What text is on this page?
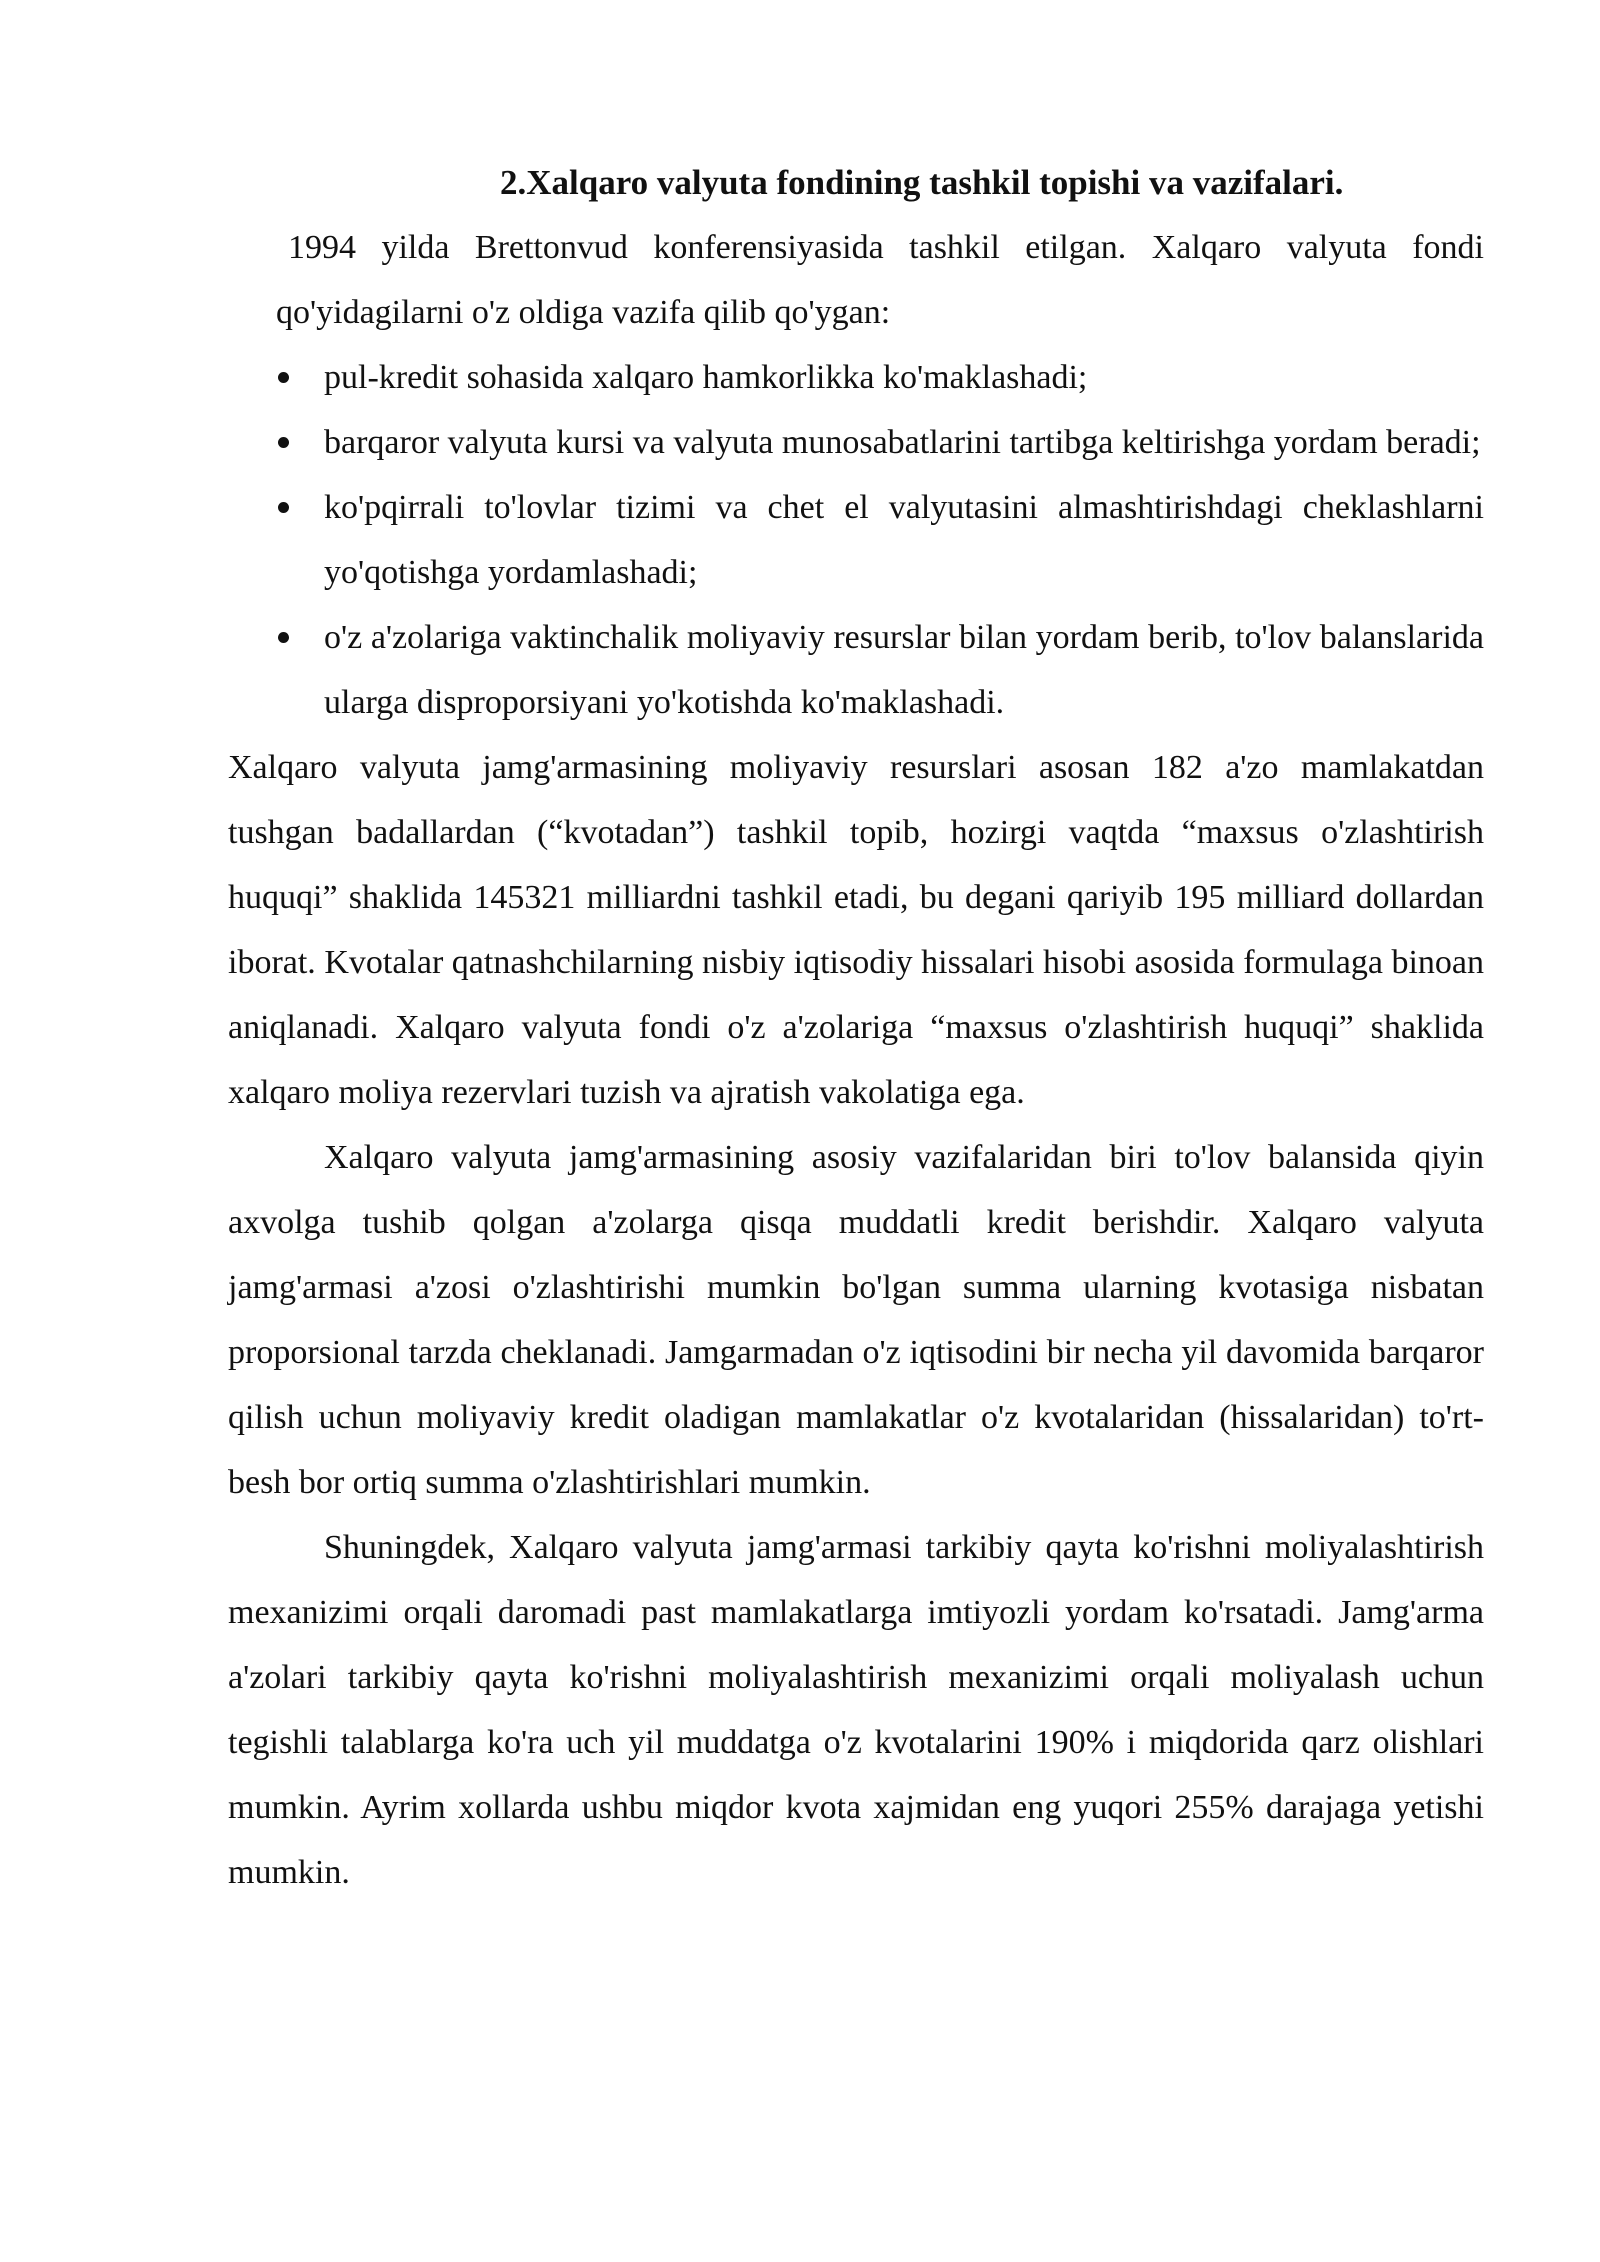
2.Xalqaro valyuta fondining tashkil topishi va vazifalari.

1994 yilda Brettonvud konferensiyasida tashkil etilgan. Xalqaro valyuta fondi qo'yidagilarni o'z oldiga vazifa qilib qo'ygan:

pul-kredit sohasida xalqaro hamkorlikka ko'maklashadi;
barqaror valyuta kursi va valyuta munosabatlarini tartibga keltirishga yordam beradi;
ko'pqirrali to'lovlar tizimi va chet el valyutasini almashtirishdagi cheklashlarni yo'qotishga yordamlashadi;
o'z a'zolariga vaktinchalik moliyaviy resurslar bilan yordam berib, to'lov balanslarida ularga disproporsiyani yo'kotishda ko'maklashadi.

Xalqaro valyuta jamg'armasining moliyaviy resurslari asosan 182 a'zo mamlakatdan tushgan badallardan (“kvotadan”) tashkil topib, hozirgi vaqtda “maxsus o'zlashtirish huquqi” shaklida 145321 milliardni tashkil etadi, bu degani qariyib 195 milliard dollardan iborat. Kvotalar qatnashchilarning nisbiy iqtisodiy hissalari hisobi asosida formulaga binoan aniqlanadi. Xalqaro valyuta fondi o'z a'zolariga “maxsus o'zlashtirish huquqi” shaklida xalqaro moliya rezervlari tuzish va ajratish vakolatiga ega.

Xalqaro valyuta jamg'armasining asosiy vazifalaridan biri to'lov balansida qiyin axvolga tushib qolgan a'zolarga qisqa muddatli kredit berishdir. Xalqaro valyuta jamg'armasi a'zosi o'zlashtirishi mumkin bo'lgan summa ularning kvotasiga nisbatan proporsional tarzda cheklanadi. Jamgarmadan o'z iqtisodini bir necha yil davomida barqaror qilish uchun moliyaviy kredit oladigan mamlakatlar o'z kvotalaridan (hissalaridan) to'rt-besh bor ortiq summa o'zlashtirishlari mumkin.

Shuningdek, Xalqaro valyuta jamg'armasi tarkibiy qayta ko'rishni moliyalashtirish mexanizimi orqali daromadi past mamlakatlarga imtiyozli yordam ko'rsatadi. Jamg'arma a'zolari tarkibiy qayta ko'rishni moliyalashtirish mexanizimi orqali moliyalash uchun tegishli talablarga ko'ra uch yil muddatga o'z kvotalarini 190% i miqdorida qarz olishlari mumkin. Ayrim xollarda ushbu miqdor kvota xajmidan eng yuqori 255% darajaga yetishi mumkin.
